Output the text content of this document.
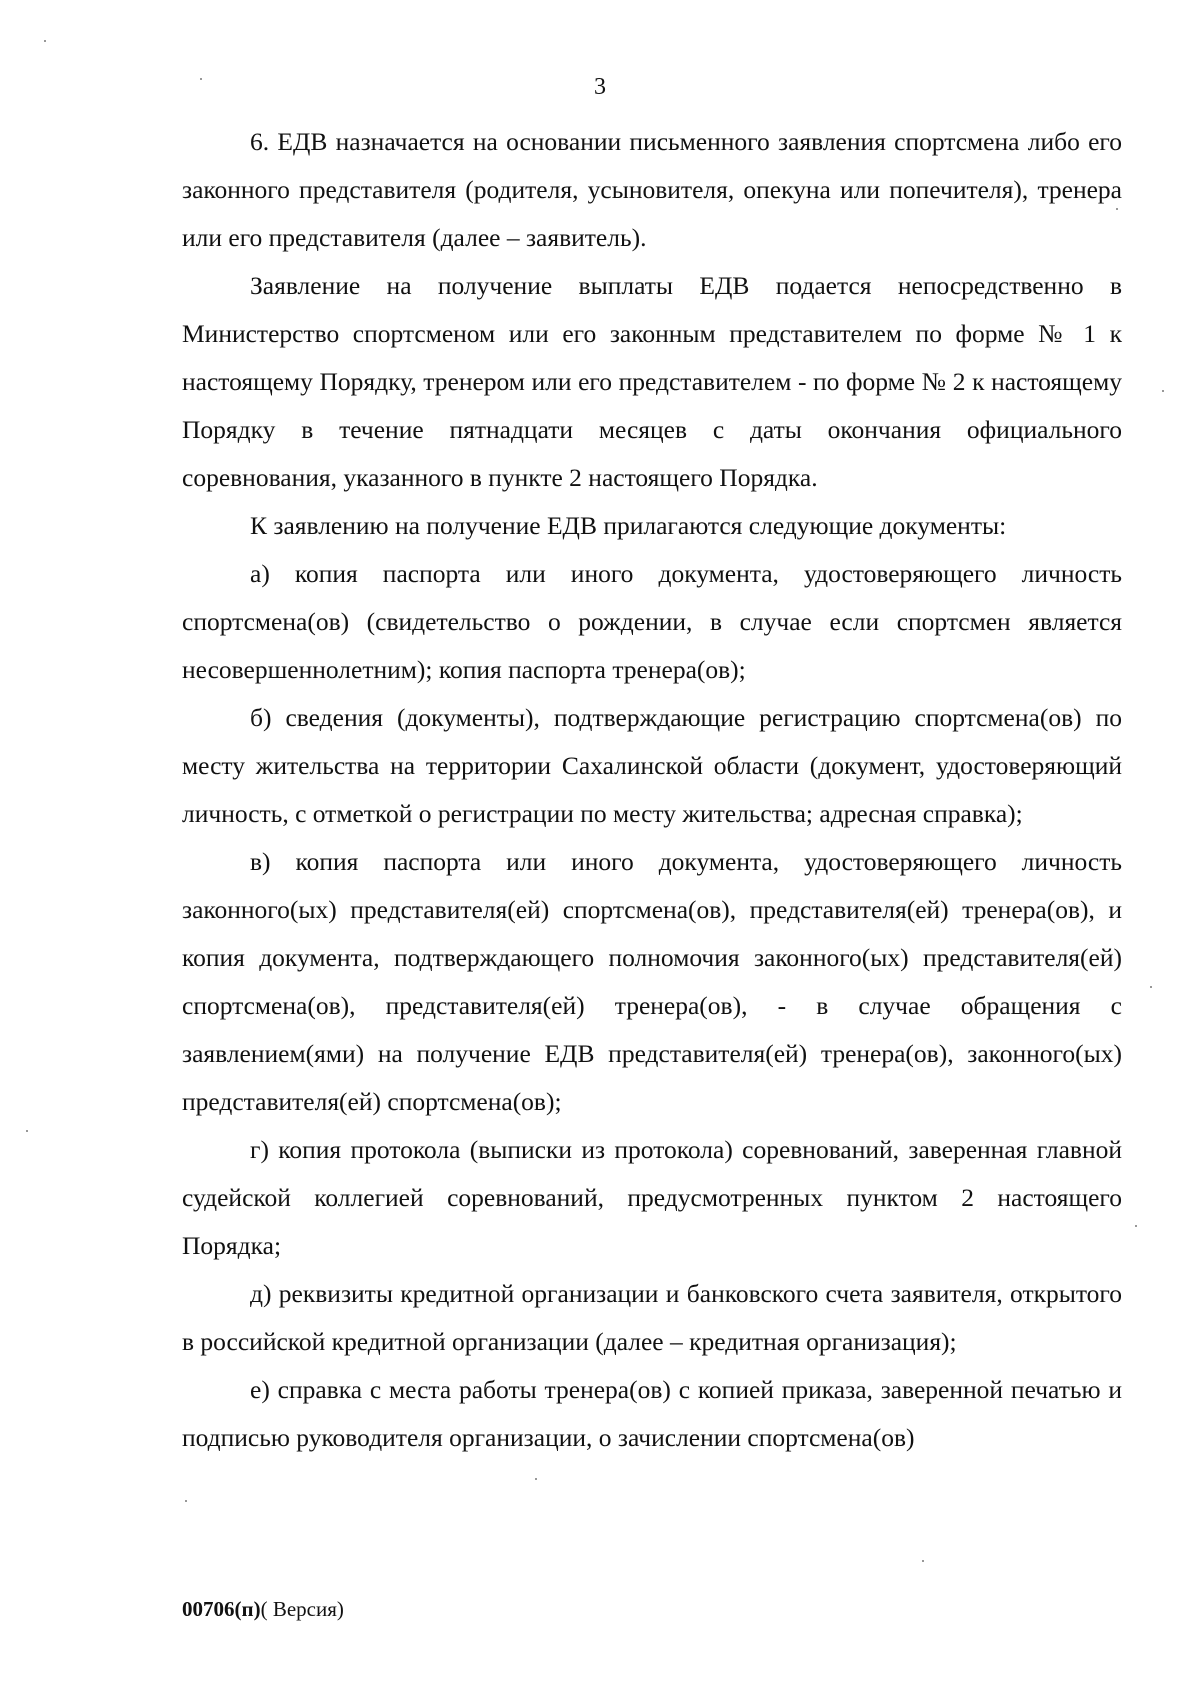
3

6. ЕДВ назначается на основании письменного заявления спортсмена либо его законного представителя (родителя, усыновителя, опекуна или попечителя), тренера или его представителя (далее – заявитель).

Заявление на получение выплаты ЕДВ подается непосредственно в Министерство спортсменом или его законным представителем по форме № 1 к настоящему Порядку, тренером или его представителем - по форме № 2 к настоящему Порядку в течение пятнадцати месяцев с даты окончания официального соревнования, указанного в пункте 2 настоящего Порядка.

К заявлению на получение ЕДВ прилагаются следующие документы:

а) копия паспорта или иного документа, удостоверяющего личность спортсмена(ов) (свидетельство о рождении, в случае если спортсмен является несовершеннолетним); копия паспорта тренера(ов);

б) сведения (документы), подтверждающие регистрацию спортсмена(ов) по месту жительства на территории Сахалинской области (документ, удостоверяющий личность, с отметкой о регистрации по месту жительства; адресная справка);

в) копия паспорта или иного документа, удостоверяющего личность законного(ых) представителя(ей) спортсмена(ов), представителя(ей) тренера(ов), и копия документа, подтверждающего полномочия законного(ых) представителя(ей) спортсмена(ов), представителя(ей) тренера(ов), - в случае обращения с заявлением(ями) на получение ЕДВ представителя(ей) тренера(ов), законного(ых) представителя(ей) спортсмена(ов);

г) копия протокола (выписки из протокола) соревнований, заверенная главной судейской коллегией соревнований, предусмотренных пунктом 2 настоящего Порядка;

д) реквизиты кредитной организации и банковского счета заявителя, открытого в российской кредитной организации (далее – кредитная организация);

е) справка с места работы тренера(ов) с копией приказа, заверенной печатью и подписью руководителя организации, о зачислении спортсмена(ов)

00706(п)( Версия)
